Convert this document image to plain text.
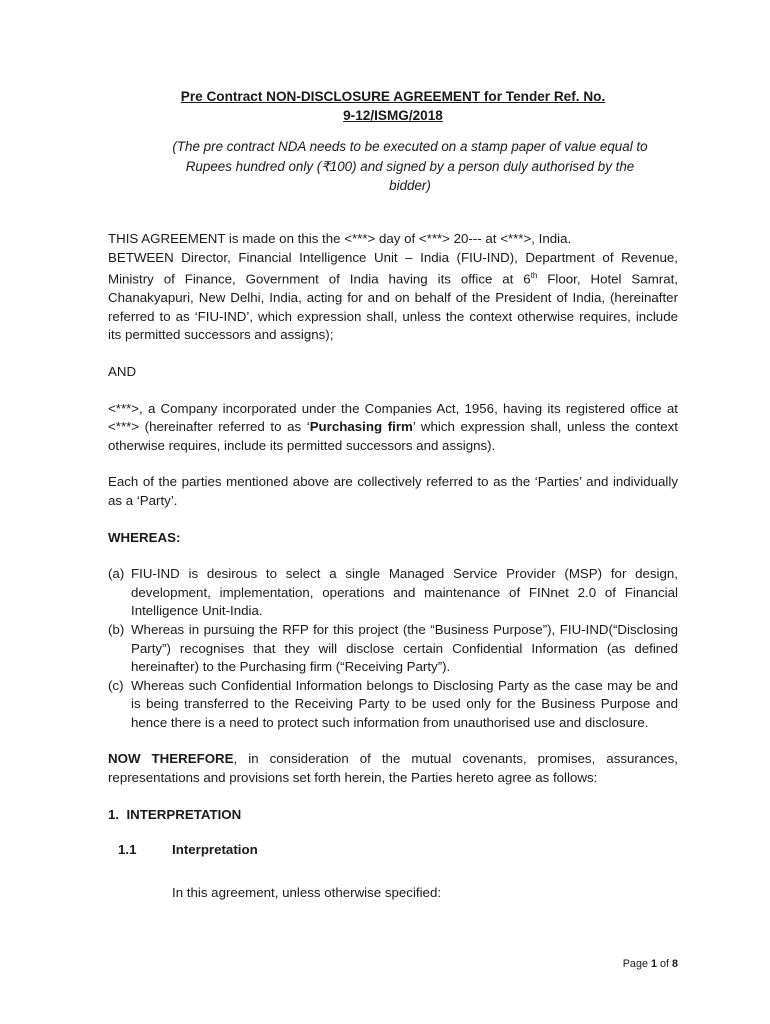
Pre Contract NON-DISCLOSURE AGREEMENT for Tender Ref. No.
9-12/ISMG/2018
(The pre contract NDA needs to be executed on a stamp paper of value equal to
Rupees hundred only (₹100) and signed by a person duly authorised by the
bidder)

THIS AGREEMENT is made on this the <***> day of <***> 20--- at <***>, India.

BETWEEN Director, Financial Intelligence Unit – India (FIU-IND), Department of Revenue, Ministry of Finance, Government of India having its office at 6th Floor, Hotel Samrat, Chanakyapuri, New Delhi, India, acting for and on behalf of the President of India, (hereinafter referred to as ‘FIU-IND’, which expression shall, unless the context otherwise requires, include its permitted successors and assigns);

AND

<***>, a Company incorporated under the Companies Act, 1956, having its registered office at <***> (hereinafter referred to as ‘Purchasing firm’ which expression shall, unless the context otherwise requires, include its permitted successors and assigns).

Each of the parties mentioned above are collectively referred to as the ‘Parties’ and individually as a ‘Party’.

WHEREAS:

(a) FIU-IND is desirous to select a single Managed Service Provider (MSP) for design, development, implementation, operations and maintenance of FINnet 2.0 of Financial Intelligence Unit-India.
(b) Whereas in pursuing the RFP for this project (the “Business Purpose”), FIU-IND(“Disclosing Party”) recognises that they will disclose certain Confidential Information (as defined hereinafter) to the Purchasing firm (“Receiving Party”).
(c) Whereas such Confidential Information belongs to Disclosing Party as the case may be and is being transferred to the Receiving Party to be used only for the Business Purpose and hence there is a need to protect such information from unauthorised use and disclosure.

NOW THEREFORE, in consideration of the mutual covenants, promises, assurances, representations and provisions set forth herein, the Parties hereto agree as follows:

1. INTERPRETATION

1.1	Interpretation

In this agreement, unless otherwise specified:

Page 1 of 8
